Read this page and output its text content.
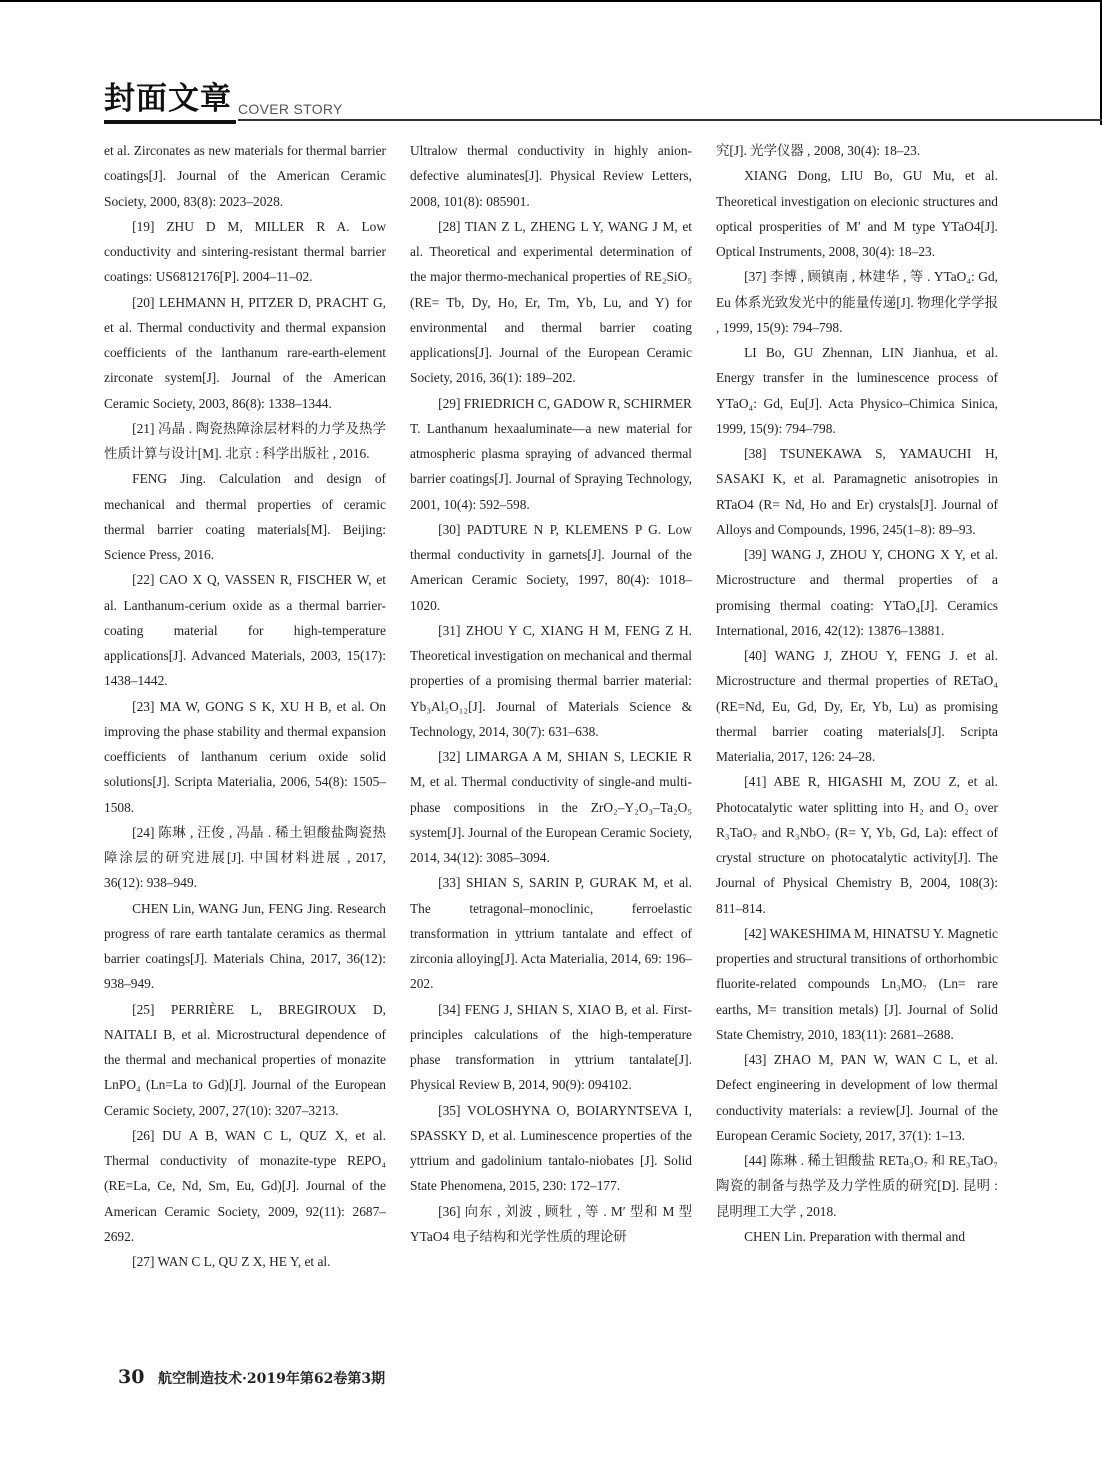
封面文章 COVER STORY

et al. Zirconates as new materials for thermal barrier coatings[J]. Journal of the American Ceramic Society, 2000, 83(8): 2023–2028.

[19] ZHU D M, MILLER R A. Low conductivity and sintering-resistant thermal barrier coatings: US6812176[P]. 2004–11–02.

[20] LEHMANN H, PITZER D, PRACHT G, et al. Thermal conductivity and thermal expansion coefficients of the lanthanum rare-earth-element zirconate system[J]. Journal of the American Ceramic Society, 2003, 86(8): 1338–1344.

[21] 冯晶 . 陶瓷热障涂层材料的力学及热学性质计算与设计[M]. 北京 : 科学出版社 , 2016.

FENG Jing. Calculation and design of mechanical and thermal properties of ceramic thermal barrier coating materials[M]. Beijing: Science Press, 2016.

[22] CAO X Q, VASSEN R, FISCHER W, et al. Lanthanum-cerium oxide as a thermal barrier-coating material for high-temperature applications[J]. Advanced Materials, 2003, 15(17): 1438–1442.

[23] MA W, GONG S K, XU H B, et al. On improving the phase stability and thermal expansion coefficients of lanthanum cerium oxide solid solutions[J]. Scripta Materialia, 2006, 54(8): 1505–1508.

[24] 陈琳 , 汪俊 , 冯晶 . 稀土钽酸盐陶瓷热障涂层的研究进展[J]. 中国材料进展 , 2017, 36(12): 938–949.

CHEN Lin, WANG Jun, FENG Jing. Research progress of rare earth tantalate ceramics as thermal barrier coatings[J]. Materials China, 2017, 36(12): 938–949.

[25] PERRIÈRE L, BREGIROUX D, NAITALI B, et al. Microstructural dependence of the thermal and mechanical properties of monazite LnPO₄ (Ln=La to Gd)[J]. Journal of the European Ceramic Society, 2007, 27(10): 3207–3213.

[26] DU A B, WAN C L, QUZ X, et al. Thermal conductivity of monazite-type REPO₄ (RE=La, Ce, Nd, Sm, Eu, Gd)[J]. Journal of the American Ceramic Society, 2009, 92(11): 2687–2692.

[27] WAN C L, QU Z X, HE Y, et al.

Ultralow thermal conductivity in highly anion-defective aluminates[J]. Physical Review Letters, 2008, 101(8): 085901.

[28] TIAN Z L, ZHENG L Y, WANG J M, et al. Theoretical and experimental determination of the major thermo-mechanical properties of RE₂SiO₅ (RE= Tb, Dy, Ho, Er, Tm, Yb, Lu, and Y) for environmental and thermal barrier coating applications[J]. Journal of the European Ceramic Society, 2016, 36(1): 189–202.

[29] FRIEDRICH C, GADOW R, SCHIRMER T. Lanthanum hexaaluminate—a new material for atmospheric plasma spraying of advanced thermal barrier coatings[J]. Journal of Spraying Technology, 2001, 10(4): 592–598.

[30] PADTURE N P, KLEMENS P G. Low thermal conductivity in garnets[J]. Journal of the American Ceramic Society, 1997, 80(4): 1018–1020.

[31] ZHOU Y C, XIANG H M, FENG Z H. Theoretical investigation on mechanical and thermal properties of a promising thermal barrier material: Yb₃Al₅O₁₂[J]. Journal of Materials Science & Technology, 2014, 30(7): 631–638.

[32] LIMARGA A M, SHIAN S, LECKIE R M, et al. Thermal conductivity of single-and multi-phase compositions in the ZrO₂–Y₂O₃–Ta₂O₅ system[J]. Journal of the European Ceramic Society, 2014, 34(12): 3085–3094.

[33] SHIAN S, SARIN P, GURAK M, et al. The tetragonal–monoclinic, ferroelastic transformation in yttrium tantalate and effect of zirconia alloying[J]. Acta Materialia, 2014, 69: 196–202.

[34] FENG J, SHIAN S, XIAO B, et al. First-principles calculations of the high-temperature phase transformation in yttrium tantalate[J]. Physical Review B, 2014, 90(9): 094102.

[35] VOLOSHYNA O, BOIARYNTSEVA I, SPASSKY D, et al. Luminescence properties of the yttrium and gadolinium tantalo-niobates [J]. Solid State Phenomena, 2015, 230: 172–177.

[36] 向东 , 刘波 , 顾牡 , 等 . M′ 型和 M 型 YTaO4 电子结构和光学性质的理论研

究[J]. 光学仪器 , 2008, 30(4): 18–23.

XIANG Dong, LIU Bo, GU Mu, et al. Theoretical investigation on elecionic structures and optical prosperities of M′ and M type YTaO4[J]. Optical Instruments, 2008, 30(4): 18–23.

[37] 李博 , 顾镇南 , 林建华 , 等 . YTaO₄: Gd, Eu 体系光致发光中的能量传递[J]. 物理化学学报 , 1999, 15(9): 794–798.

LI Bo, GU Zhennan, LIN Jianhua, et al. Energy transfer in the luminescence process of YTaO₄: Gd, Eu[J]. Acta Physico–Chimica Sinica, 1999, 15(9): 794–798.

[38] TSUNEKAWA S, YAMAUCHI H, SASAKI K, et al. Paramagnetic anisotropies in RTaO4 (R= Nd, Ho and Er) crystals[J]. Journal of Alloys and Compounds, 1996, 245(1–8): 89–93.

[39] WANG J, ZHOU Y, CHONG X Y, et al. Microstructure and thermal properties of a promising thermal coating: YTaO₄[J]. Ceramics International, 2016, 42(12): 13876–13881.

[40] WANG J, ZHOU Y, FENG J. et al. Microstructure and thermal properties of RETaO₄ (RE=Nd, Eu, Gd, Dy, Er, Yb, Lu) as promising thermal barrier coating materials[J]. Scripta Materialia, 2017, 126: 24–28.

[41] ABE R, HIGASHI M, ZOU Z, et al. Photocatalytic water splitting into H₂ and O₂ over R₃TaO₇ and R₃NbO₇ (R= Y, Yb, Gd, La): effect of crystal structure on photocatalytic activity[J]. The Journal of Physical Chemistry B, 2004, 108(3): 811–814.

[42] WAKESHIMA M, HINATSU Y. Magnetic properties and structural transitions of orthorhombic fluorite-related compounds Ln₃MO₇ (Ln= rare earths, M= transition metals) [J]. Journal of Solid State Chemistry, 2010, 183(11): 2681–2688.

[43] ZHAO M, PAN W, WAN C L, et al. Defect engineering in development of low thermal conductivity materials: a review[J]. Journal of the European Ceramic Society, 2017, 37(1): 1–13.

[44] 陈琳 . 稀土钽酸盐 RETa₃O₇ 和 RE₃TaO₇ 陶瓷的制备与热学及力学性质的研究[D]. 昆明 : 昆明理工大学 , 2018.

CHEN Lin. Preparation with thermal and

30 航空制造技术·2019年第62卷第3期
